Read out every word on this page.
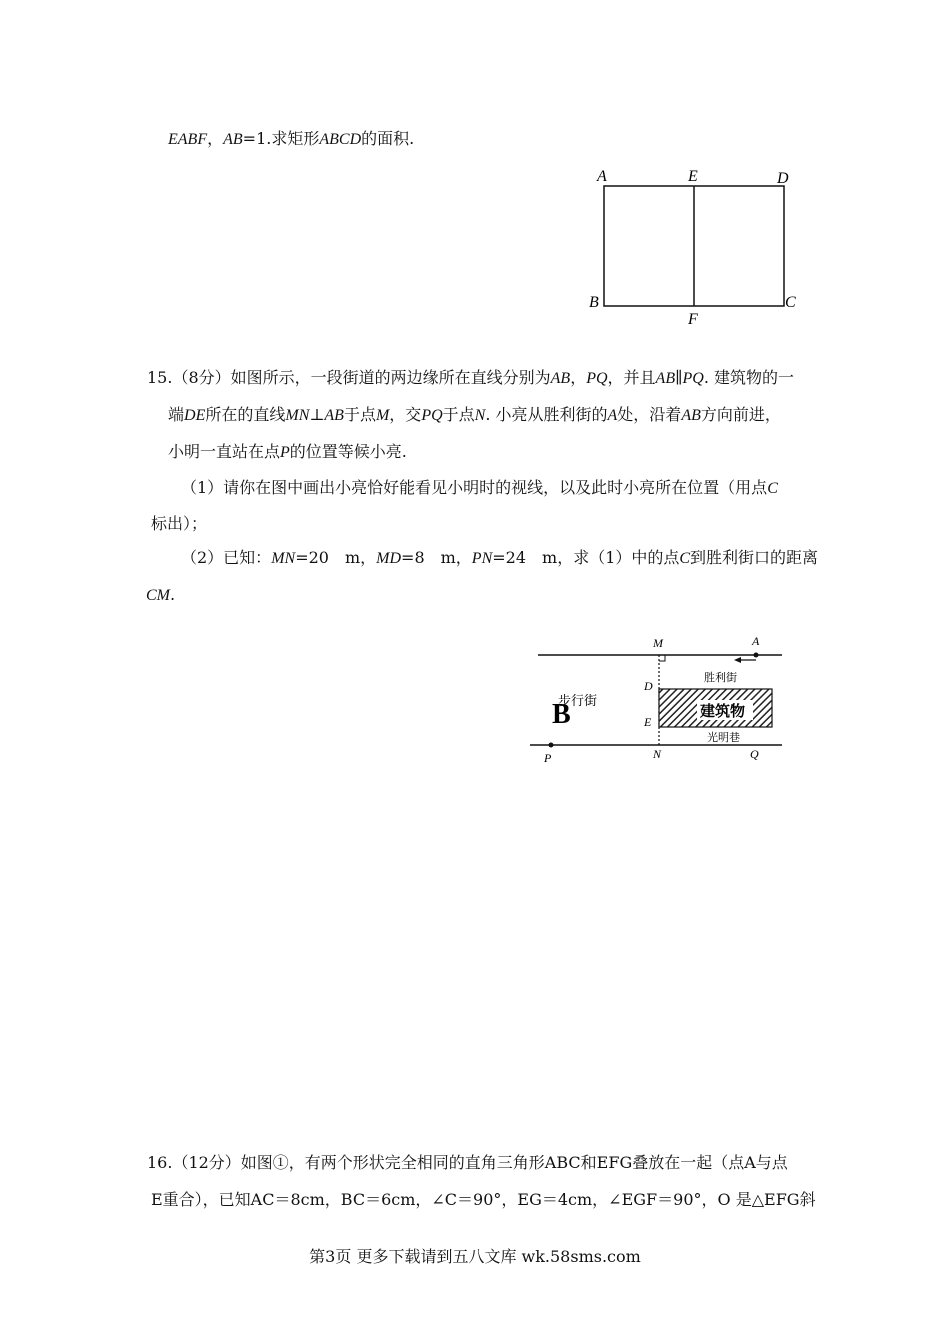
EABF，AB=1.求矩形ABCD的面积.
A	E	D
B
F
C
15.（8分）如图所示，一段街道的两边缘所在直线分别为AB，PQ，并且AB∥PQ. 建筑物的一
端DE所在的直线MN⊥AB于点M，交PQ于点N. 小亮从胜利街的A处，沿着AB方向前进，
小明一直站在点P的位置等候小亮.
（1）请你在图中画出小亮恰好能看见小明时的视线，以及此时小亮所在位置（用点C
标出）；
（2）已知：MN=20　m，MD=8　m，PN=24　m，求（1）中的点C到胜利街口的距离
CM.
建筑物
M	A
D
E
N
P	Q
胜利街
光明巷
步行街
B
16.（12分）如图①，有两个形状完全相同的直角三角形ABC和EFG叠放在一起（点A与点
E重合），已知AC＝8cm，BC＝6cm，∠C＝90°，EG＝4cm，∠EGF＝90°，O 是△EFG斜
第3页 更多下载请到五八文库 wk.58sms.com
